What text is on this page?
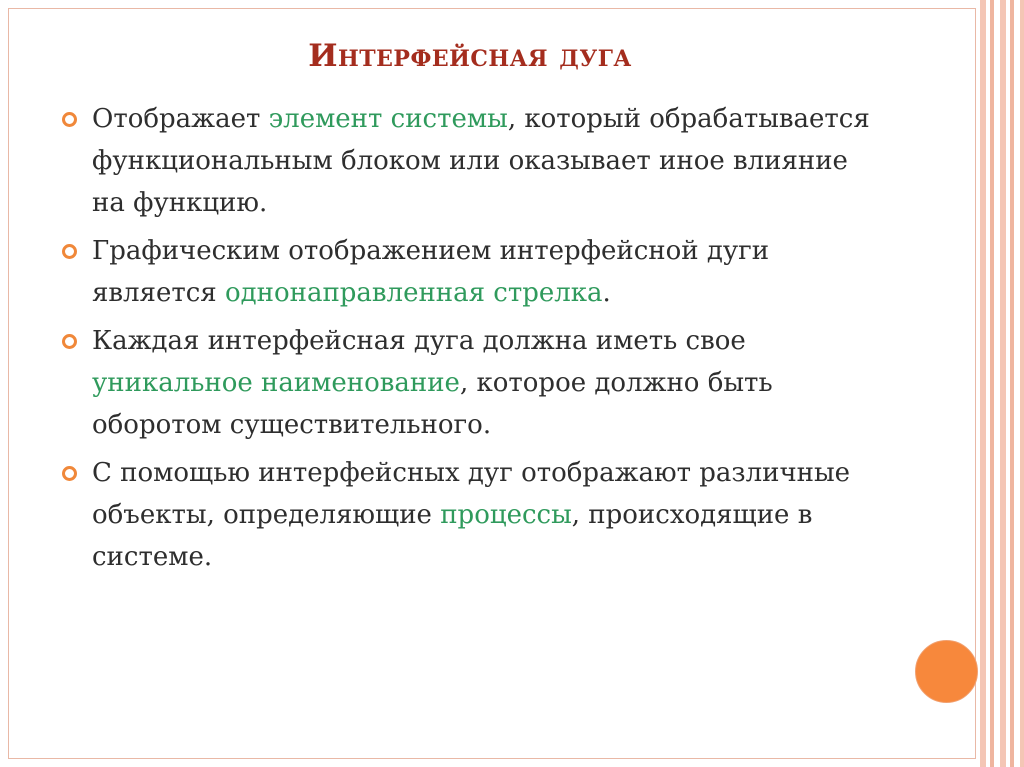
Интерфейсная дуга
Отображает элемент системы, который обрабатывается функциональным блоком или оказывает иное влияние на функцию.
Графическим отображением интерфейсной дуги является однонаправленная стрелка.
Каждая интерфейсная дуга должна иметь свое уникальное наименование, которое должно быть оборотом существительного.
С помощью интерфейсных дуг отображают различные объекты, определяющие процессы, происходящие в системе.
